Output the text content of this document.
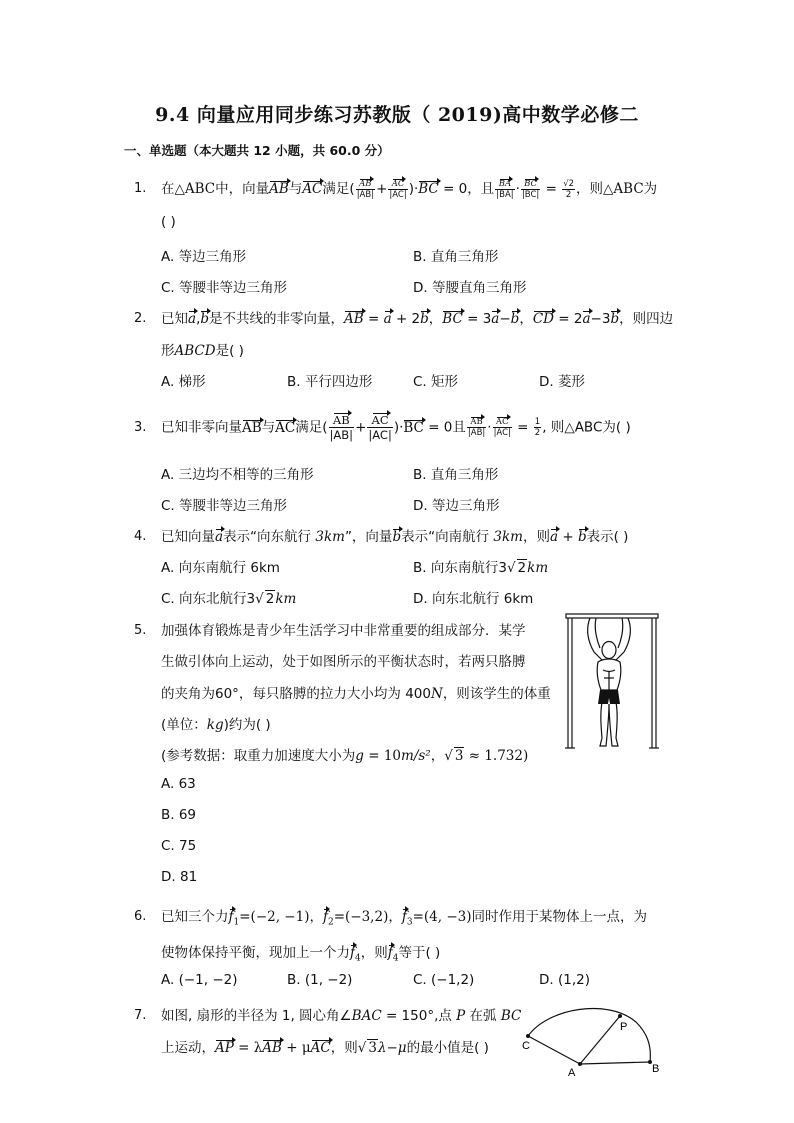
9.4 向量应用同步练习苏教版（ 2019)高中数学必修二
一、单选题（本大题共 12 小题，共 60.0 分）
1. 在△ABC中，向量AB与AC满足( $\frac{AB}{|AB|} + \frac{AC}{|AC|} )\cdot BC = 0$，且 $\frac{BA}{|BA|} \cdot \frac{BC}{|BC|} = \frac{√2}{2}$ ，则△ABC为
( )
A. 等边三角形	B. 直角三角形
C. 等腰非等边三角形	D. 等腰直角三角形
2. 已知a,b是不共线的非零向量，AB = a + 2b，BC = 3a−b，CD = 2a−3b，则四边
形ABCD是( )
A. 梯形	B. 平行四边形	C. 矩形	D. 菱形
3. 已知非零向量AB与AC满足( $\frac{AB}{|AB|} + \frac{AC}{|AC|} )\cdot BC = 0$且 $\frac{AB}{|AB|} \cdot \frac{AC}{|AC|} = \frac{1}{2}$ , 则△ABC为( )
A. 三边均不相等的三角形	B. 直角三角形
C. 等腰非等边三角形	D. 等边三角形
4. 已知向量a表示“向东航行 3km”，向量b表示“向南航行 3km，则a + b表示( )
A. 向东南航行 6km	B. 向东南航行3√ 2km
C. 向东北航行3√ 2km	D. 向东北航行 6km
5. 加强体育锻炼是青少年生活学习中非常重要的组成部分．某学
生做引体向上运动，处于如图所示的平衡状态时，若两只胳膊
的夹角为60°，每只胳膊的拉力大小均为 400N，则该学生的体重
(单位：kg)约为( )
(参考数据：取重力加速度大小为g = 10m/s²，√ 3 ≈ 1.732)
A. 63
B. 69
C. 75
D. 81
6. 已知三个力$f_1=(-2$, −1)，$f_2=(-3,2)$，$f_3=(4$, −3)同时作用于某物体上一点，为
使物体保持平衡，现加上一个力$f_4$，则$f_4$等于( )
A. (−1, −2)	B. (1, −2)	C. (−1,2)	D. (1,2)
7. 如图, 扇形的半径为 1, 圆心角∠BAC = 150°,点 P 在弧 BC
上运动，AP = λAB + μAC，则√ 3λ−μ的最小值是( )	C
P
A	B
